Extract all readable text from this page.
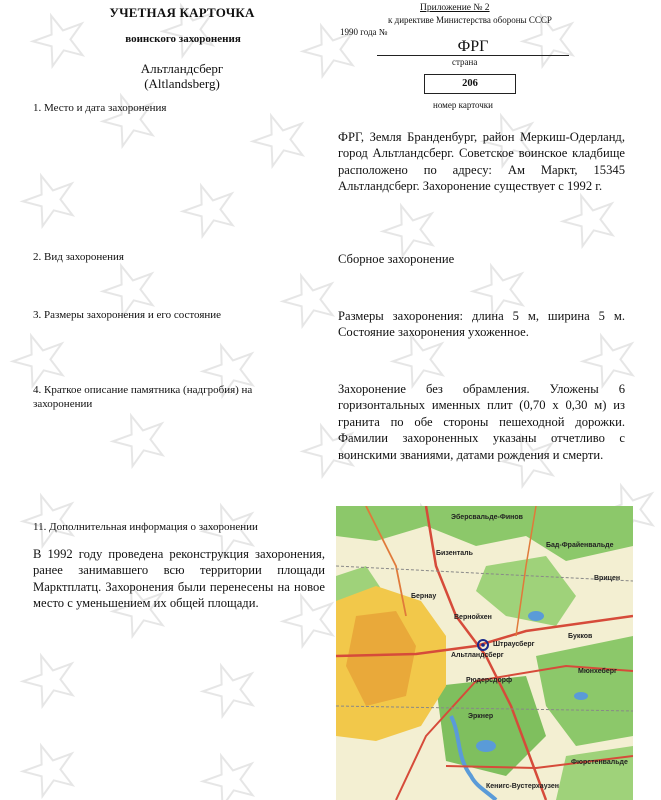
УЧЕТНАЯ КАРТОЧКА
воинского захоронения
Альтландсберг
(Altlandsberg)
Приложение № 2
к директиве Министерства обороны СССР
1990 года №
ФРГ
страна
206
номер карточки
1. Место и дата захоронения
ФРГ, Земля Бранденбург, район Меркиш-Одерланд, город Альтландсберг. Советское воинское кладбище расположено по адресу: Ам Маркт, 15345 Альтландсберг. Захоронение существует с 1992 г.
2. Вид захоронения	Сборное захоронение
3. Размеры захоронения и его состояние	Размеры захоронения: длина 5 м, ширина 5 м. Состояние захоронения ухоженное.
4. Краткое описание памятника (надгробия) на захоронении
Захоронение без обрамления. Уложены 6 горизонтальных именных плит (0,70 х 0,30 м) из гранита по обе стороны пешеходной дорожки. Фамилии захороненных указаны отчетливо с воинскими званиями, датами рождения и смерти.
11. Дополнительная информация о захоронении
В 1992 году проведена реконструкция захоронения, ранее занимавшего всю территории площади Марктплатц. Захоронения были перенесены на новое место с уменьшением их общей площади.
Эберсвальде-Финов
Бернау
Бад-Фрайенвальде
Бизенталь
Врицен
Альтландсберг
Штраусберг
Букков
Мюнхеберг
Рюдерсдорф
Эркнер
Кенигс-Вустерхаузен
Фюрстенвальде
Вернойхен
